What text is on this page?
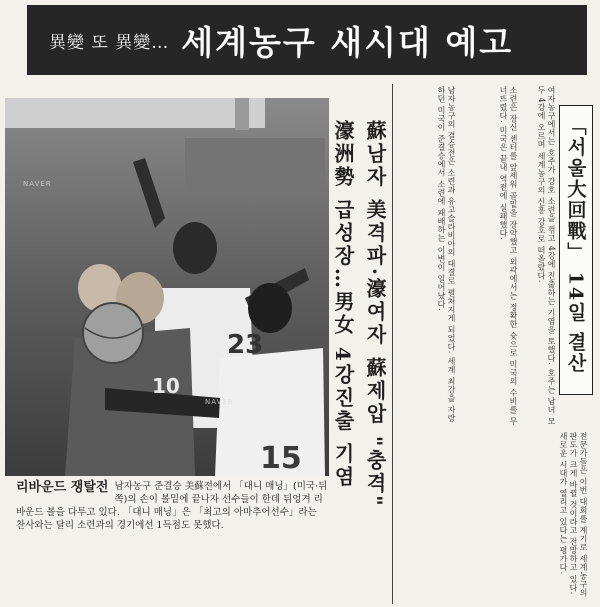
異變 또 異變… 세계농구 새시대 예고
23
10
15
NAVER
NAVER
리바운드 쟁탈전 남자농구 준결승 美蘇전에서 「대니 매닝」(미국·뒤쪽)의 손이 볼밑에 끝나자 선수들이 한데 뒤엉겨 리바운드 볼을 다투고 있다. 「대니 매닝」은 「최고의 아마추어선수」라는 찬사와는 달리 소련과의 경기에선 1득점도 못했다.
蘇남자 美격파·濠여자 蘇제압 "충격"
濠洲勢 급성장…男女 4강진출 기염	남자농구의 결승전은 소련과 유고슬라비아의 대결로 펼쳐지게 되었다. 세계 최강을 자랑하던 미국이 준결승에서 소련에 패배하는 이변이 일어났다.	소련은 장신 센터를 앞세워 골밑을 장악했고 외곽에서는 정확한 슛으로 미국의 수비를 무너뜨렸다. 미국은 끝내 역전에 실패했다.	여자농구에서는 호주가 강호 소련을 꺾고 4강에 진출하는 기염을 토했다. 호주는 남녀 모두 4강에 오르며 세계농구의 신흥 강호로 떠올랐다.
전문가들은 이번 대회를 계기로 세계농구의 판도가 크게 바뀔 것이라고 전망하고 있다. 새로운 시대가 열리고 있다는 평가다.
「서울大回戰」 14일 결산
